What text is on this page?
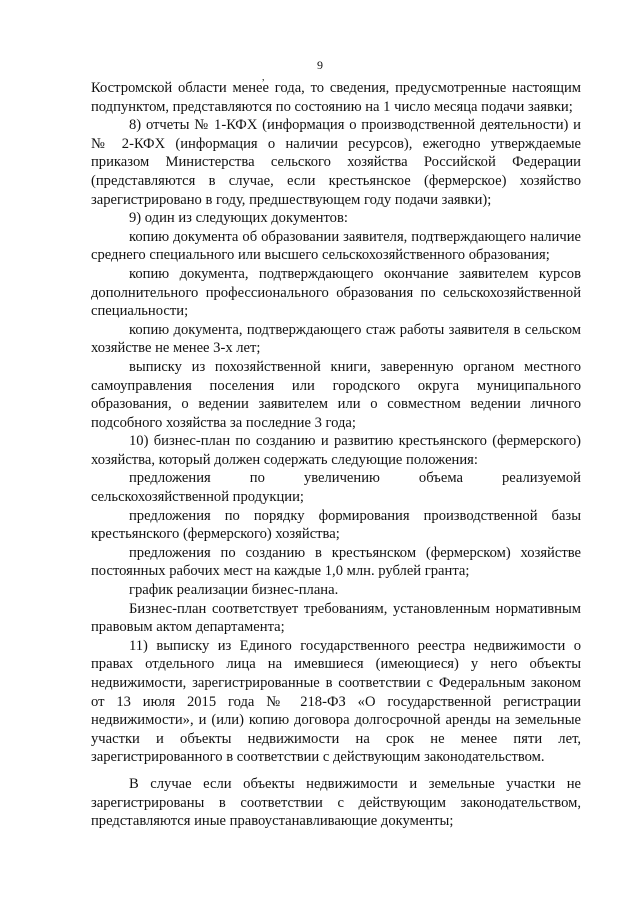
9
,

Костромской области менее года, то сведения, предусмотренные настоящим подпунктом, представляются по состоянию на 1 число месяца подачи заявки;

8) отчеты № 1-КФХ (информация о производственной деятельности) и № 2-КФХ (информация о наличии ресурсов), ежегодно утверждаемые приказом Министерства сельского хозяйства Российской Федерации (представляются в случае, если крестьянское (фермерское) хозяйство зарегистрировано в году, предшествующем году подачи заявки);

9) один из следующих документов:

копию документа об образовании заявителя, подтверждающего наличие среднего специального или высшего сельскохозяйственного образования;

копию документа, подтверждающего окончание заявителем курсов дополнительного профессионального образования по сельскохозяйственной специальности;

копию документа, подтверждающего стаж работы заявителя в сельском хозяйстве не менее 3-х лет;

выписку из похозяйственной книги, заверенную органом местного самоуправления поселения или городского округа муниципального образования, о ведении заявителем или о совместном ведении личного подсобного хозяйства за последние 3 года;

10) бизнес-план по созданию и развитию крестьянского (фермерского) хозяйства, который должен содержать следующие положения:

предложения по увеличению объема реализуемой сельскохозяйственной продукции;

предложения по порядку формирования производственной базы крестьянского (фермерского) хозяйства;

предложения по созданию в крестьянском (фермерском) хозяйстве постоянных рабочих мест на каждые 1,0 млн. рублей гранта;

график реализации бизнес-плана.

Бизнес-план соответствует требованиям, установленным нормативным правовым актом департамента;

11) выписку из Единого государственного реестра недвижимости о правах отдельного лица на имевшиеся (имеющиеся) у него объекты недвижимости, зарегистрированные в соответствии с Федеральным законом от 13 июля 2015 года № 218-ФЗ «О государственной регистрации недвижимости», и (или) копию договора долгосрочной аренды на земельные участки и объекты недвижимости на срок не менее пяти лет, зарегистрированного в соответствии с действующим законодательством.

В случае если объекты недвижимости и земельные участки не зарегистрированы в соответствии с действующим законодательством, представляются иные правоустанавливающие документы;
